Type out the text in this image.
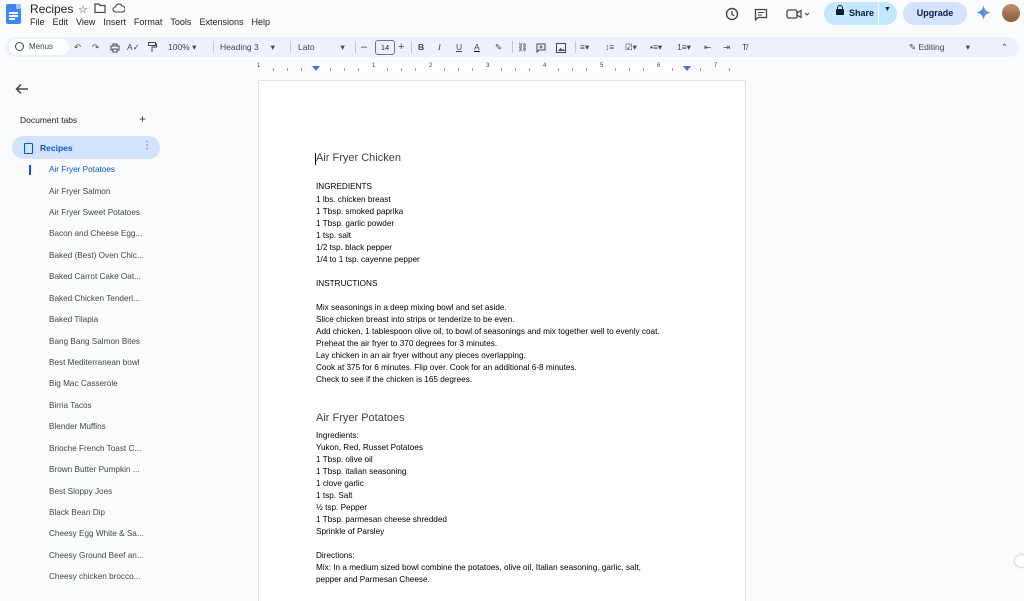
Recipes ☆
File Edit View Insert Format Tools Extensions Help
Share ▼	Upgrade
Menus ↶ ↷	A✓	100% ▾	Heading 3     ▾	Lato           ▾ –	14 + B I U A ✎ ⛓	≡▾ ↕≡ ☑▾ •≡▾ 1≡▾ ⇤ ⇥ T̸	✎ Editing         ▾	⌃
1	1	2	3	4	5	6	7
Document tabs	+
Recipes	⋮
Air Fryer Potatoes
Air Fryer Salmon
Air Fryer Sweet Potatoes
Bacon and Cheese Egg...
Baked (Best) Oven Chic...
Baked Carrot Cake Oat...
Baked Chicken Tenderl...
Baked Tilapia
Bang Bang Salmon Bites
Best Mediterranean bowl
Big Mac Casserole
Birria Tacos
Blender Muffins
Brioche French Toast C...
Brown Butter Pumpkin ...
Best Sloppy Joes
Black Bean Dip
Cheesy Egg White & Sa...
Cheesy Ground Beef an...
Cheesy chicken brocco...
Air Fryer Chicken
INGREDIENTS
1 lbs. chicken breast
1 Tbsp. smoked paprika
1 Tbsp. garlic powder
1 tsp. salt
1/2 tsp. black pepper
1/4 to 1 tsp. cayenne pepper
INSTRUCTIONS
Mix seasonings in a deep mixing bowl and set aside.
Slice chicken breast into strips or tenderize to be even.
Add chicken, 1 tablespoon olive oil, to bowl of seasonings and mix together well to evenly coat.
Preheat the air fryer to 370 degrees for 3 minutes.
Lay chicken in an air fryer without any pieces overlapping.
Cook at 375 for 6 minutes. Flip over. Cook for an additional 6-8 minutes.
Check to see if the chicken is 165 degrees.
Air Fryer Potatoes
Ingredients:
Yukon, Red, Russet Potatoes
1 Tbsp. olive oil
1 Tbsp. italian seasoning
1 clove garlic
1 tsp. Salt
½ tsp. Pepper
1 Tbsp. parmesan cheese shredded
Sprinkle of Parsley
Directions:
Mix: In a medium sized bowl combine the potatoes, olive oil, Italian seasoning, garlic, salt,
pepper and Parmesan Cheese.
